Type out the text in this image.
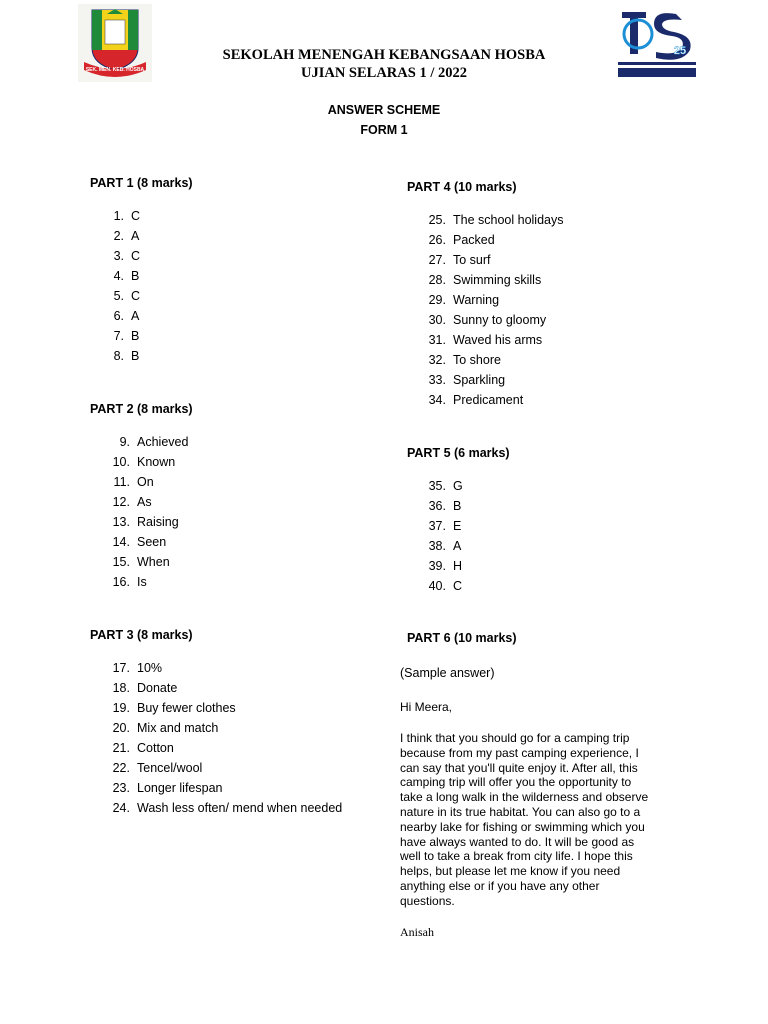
SEK. MEN. KEB. HOSBA
25
SEKOLAH MENENGAH KEBANGSAAN HOSBA
UJIAN SELARAS 1 / 2022
ANSWER SCHEME
FORM 1
PART 1 (8 marks)
1. C
2. A
3. C
4. B
5. C
6. A
7. B
8. B
PART 2 (8 marks)
9. Achieved
10. Known
11. On
12. As
13. Raising
14. Seen
15. When
16. Is
PART 3 (8 marks)
17. 10%
18. Donate
19. Buy fewer clothes
20. Mix and match
21. Cotton
22. Tencel/wool
23. Longer lifespan
24. Wash less often/ mend when needed
PART 4 (10 marks)
25. The school holidays
26. Packed
27. To surf
28. Swimming skills
29. Warning
30. Sunny to gloomy
31. Waved his arms
32. To shore
33. Sparkling
34. Predicament
PART 5 (6 marks)
35. G
36. B
37. E
38. A
39. H
40. C
PART 6 (10 marks)
(Sample answer)
Hi Meera,
I think that you should go for a camping trip
because from my past camping experience, I
can say that you'll quite enjoy it. After all, this
camping trip will offer you the opportunity to
take a long walk in the wilderness and observe
nature in its true habitat. You can also go to a
nearby lake for fishing or swimming which you
have always wanted to do. It will be good as
well to take a break from city life. I hope this
helps, but please let me know if you need
anything else or if you have any other
questions.
Anisah
